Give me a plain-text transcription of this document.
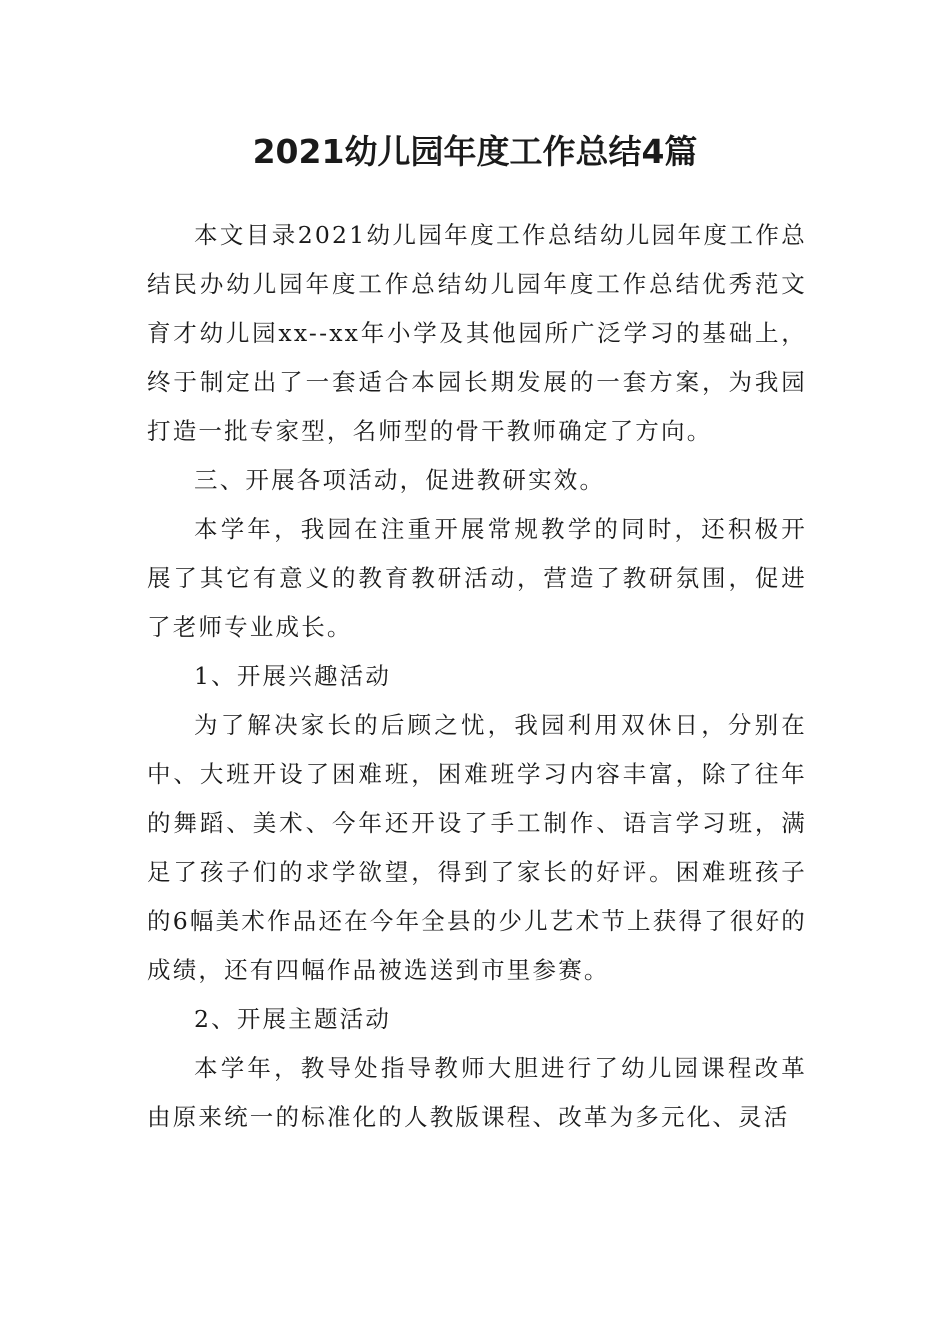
2021幼儿园年度工作总结4篇

本文目录2021幼儿园年度工作总结幼儿园年度工作总结民办幼儿园年度工作总结幼儿园年度工作总结优秀范文　　育才幼儿园xx--xx年小学及其他园所广泛学习的基础上，终于制定出了一套适合本园长期发展的一套方案，为我园打造一批专家型，名师型的骨干教师确定了方向。

三、开展各项活动，促进教研实效。

本学年，我园在注重开展常规教学的同时，还积极开展了其它有意义的教育教研活动，营造了教研氛围，促进了老师专业成长。

1、开展兴趣活动

为了解决家长的后顾之忧，我园利用双休日，分别在中、大班开设了困难班，困难班学习内容丰富，除了往年的舞蹈、美术、今年还开设了手工制作、语言学习班，满足了孩子们的求学欲望，得到了家长的好评。困难班孩子的6幅美术作品还在今年全县的少儿艺术节上获得了很好的成绩，还有四幅作品被选送到市里参赛。

2、开展主题活动

本学年，教导处指导教师大胆进行了幼儿园课程改革由原来统一的标准化的人教版课程、改革为多元化、灵活
